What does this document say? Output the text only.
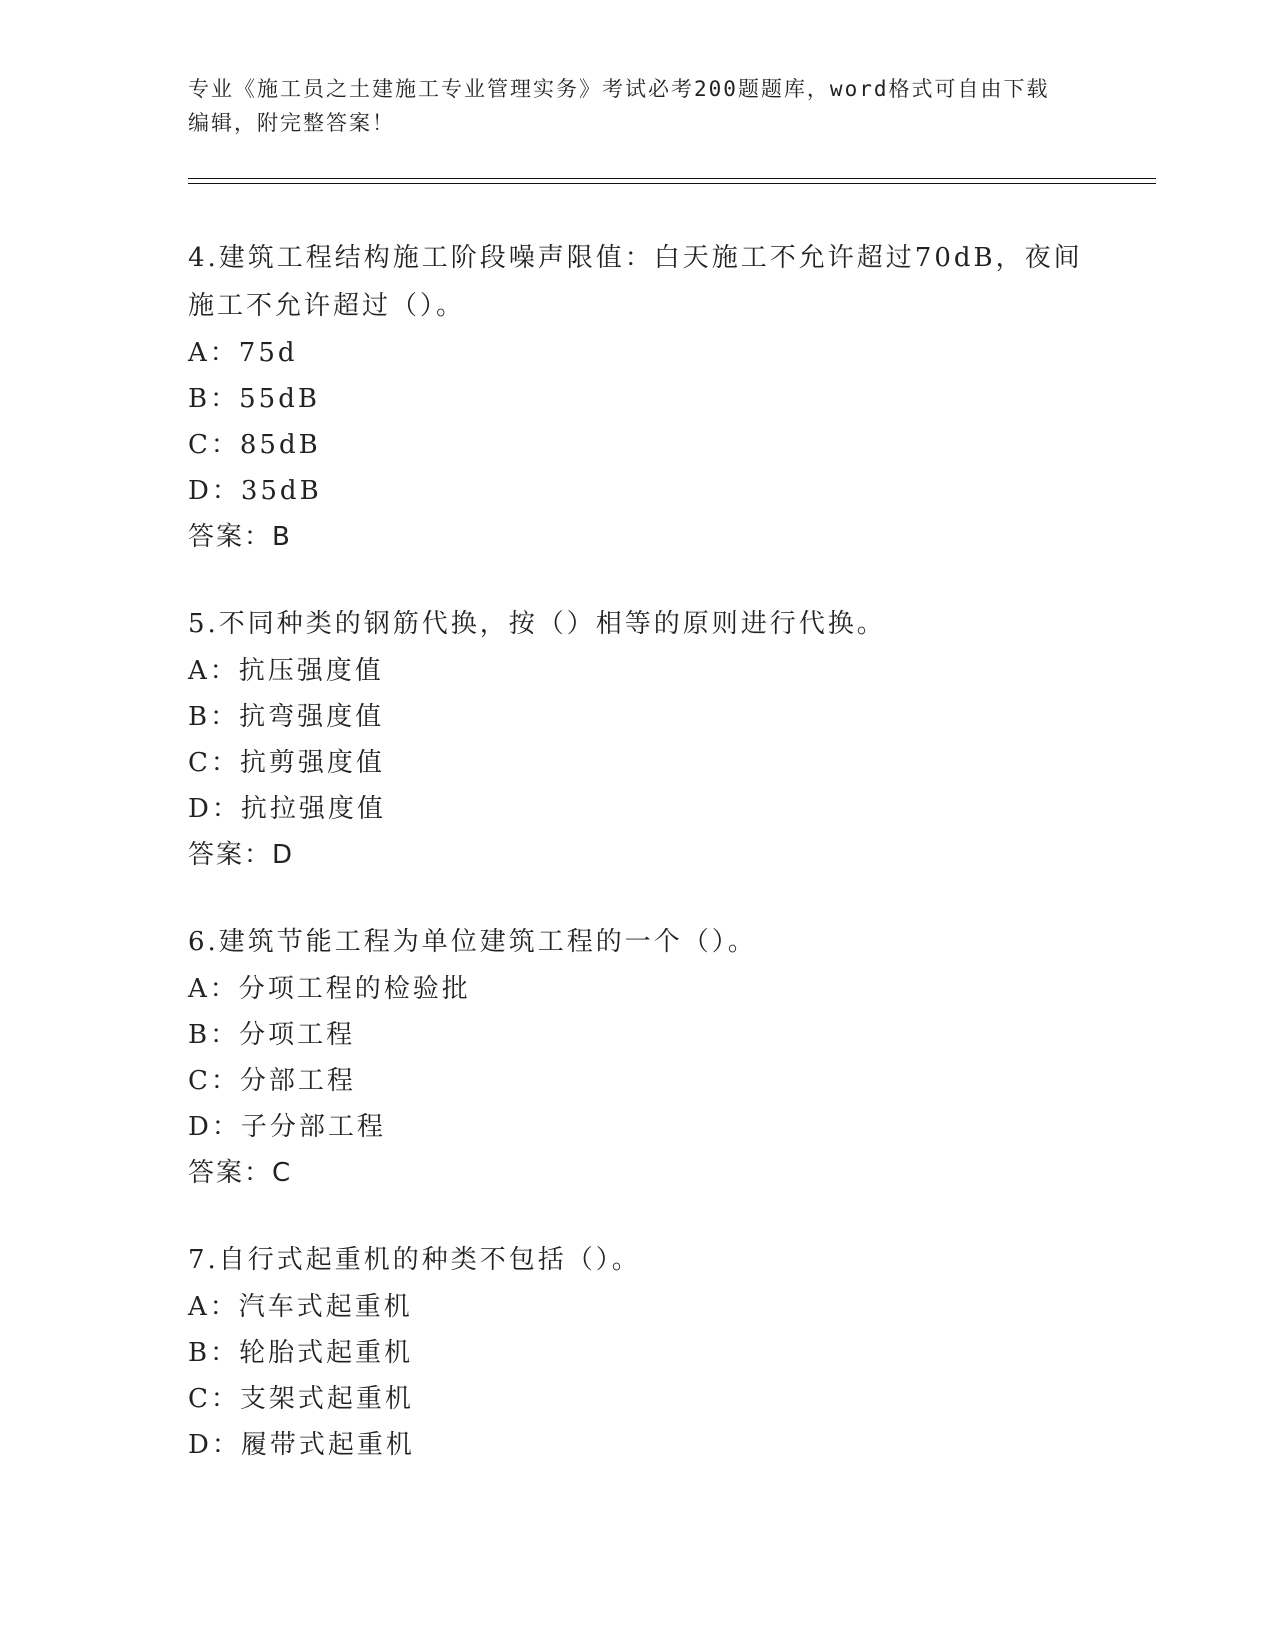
专业《施工员之土建施工专业管理实务》考试必考200题题库，word格式可自由下载编辑，附完整答案！

4.建筑工程结构施工阶段噪声限值：白天施工不允许超过70dB，夜间施工不允许超过（）。

A：75d

B：55dB

C：85dB

D：35dB

答案：B

5.不同种类的钢筋代换，按（）相等的原则进行代换。

A：抗压强度值

B：抗弯强度值

C：抗剪强度值

D：抗拉强度值

答案：D

6.建筑节能工程为单位建筑工程的一个（）。

A：分项工程的检验批

B：分项工程

C：分部工程

D：子分部工程

答案：C

7.自行式起重机的种类不包括（）。

A：汽车式起重机

B：轮胎式起重机

C：支架式起重机

D：履带式起重机
